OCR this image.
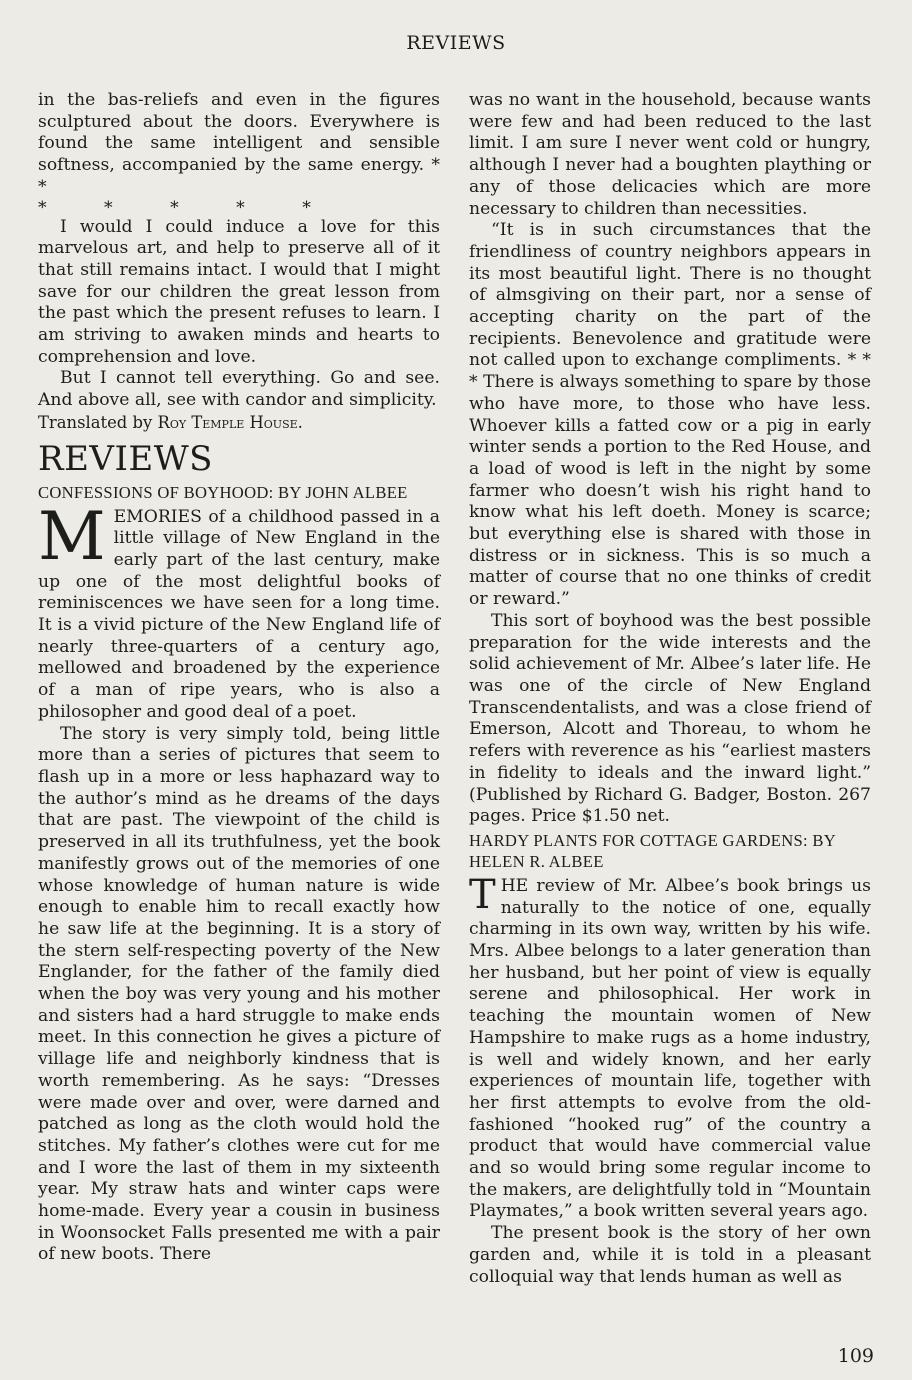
REVIEWS

in the bas-reliefs and even in the figures sculptured about the doors. Everywhere is found the same intelligent and sensible softness, accompanied by the same energy. * *

* * * * *

I would I could induce a love for this marvelous art, and help to preserve all of it that still remains intact. I would that I might save for our children the great lesson from the past which the present refuses to learn. I am striving to awaken minds and hearts to comprehension and love.

But I cannot tell everything. Go and see. And above all, see with candor and simplicity.

Translated by Roy Temple House.

REVIEWS
CONFESSIONS OF BOYHOOD: BY JOHN ALBEE

MEMORIES of a childhood passed in a little village of New England in the early part of the last century, make up one of the most delightful books of reminiscences we have seen for a long time. It is a vivid picture of the New England life of nearly three-quarters of a century ago, mellowed and broadened by the experience of a man of ripe years, who is also a philosopher and good deal of a poet.

The story is very simply told, being little more than a series of pictures that seem to flash up in a more or less haphazard way to the author’s mind as he dreams of the days that are past. The viewpoint of the child is preserved in all its truthfulness, yet the book manifestly grows out of the memories of one whose knowledge of human nature is wide enough to enable him to recall exactly how he saw life at the beginning. It is a story of the stern self-respecting poverty of the New Englander, for the father of the family died when the boy was very young and his mother and sisters had a hard struggle to make ends meet. In this connection he gives a picture of village life and neighborly kindness that is worth remembering. As he says: “Dresses were made over and over, were darned and patched as long as the cloth would hold the stitches. My father’s clothes were cut for me and I wore the last of them in my sixteenth year. My straw hats and winter caps were home-made. Every year a cousin in business in Woonsocket Falls presented me with a pair of new boots. There

was no want in the household, because wants were few and had been reduced to the last limit. I am sure I never went cold or hungry, although I never had a boughten plaything or any of those delicacies which are more necessary to children than necessities.

“It is in such circumstances that the friendliness of country neighbors appears in its most beautiful light. There is no thought of almsgiving on their part, nor a sense of accepting charity on the part of the recipients. Benevolence and gratitude were not called upon to exchange compliments. * * * There is always something to spare by those who have more, to those who have less. Whoever kills a fatted cow or a pig in early winter sends a portion to the Red House, and a load of wood is left in the night by some farmer who doesn’t wish his right hand to know what his left doeth. Money is scarce; but everything else is shared with those in distress or in sickness. This is so much a matter of course that no one thinks of credit or reward.”

This sort of boyhood was the best possible preparation for the wide interests and the solid achievement of Mr. Albee’s later life. He was one of the circle of New England Transcendentalists, and was a close friend of Emerson, Alcott and Thoreau, to whom he refers with reverence as his “earliest masters in fidelity to ideals and the inward light.” (Published by Richard G. Badger, Boston. 267 pages. Price $1.50 net.

HARDY PLANTS FOR COTTAGE GARDENS: BY HELEN R. ALBEE

THE review of Mr. Albee’s book brings us naturally to the notice of one, equally charming in its own way, written by his wife. Mrs. Albee belongs to a later generation than her husband, but her point of view is equally serene and philosophical. Her work in teaching the mountain women of New Hampshire to make rugs as a home industry, is well and widely known, and her early experiences of mountain life, together with her first attempts to evolve from the old-fashioned “hooked rug” of the country a product that would have commercial value and so would bring some regular income to the makers, are delightfully told in “Mountain Playmates,” a book written several years ago.

The present book is the story of her own garden and, while it is told in a pleasant colloquial way that lends human as well as

109
